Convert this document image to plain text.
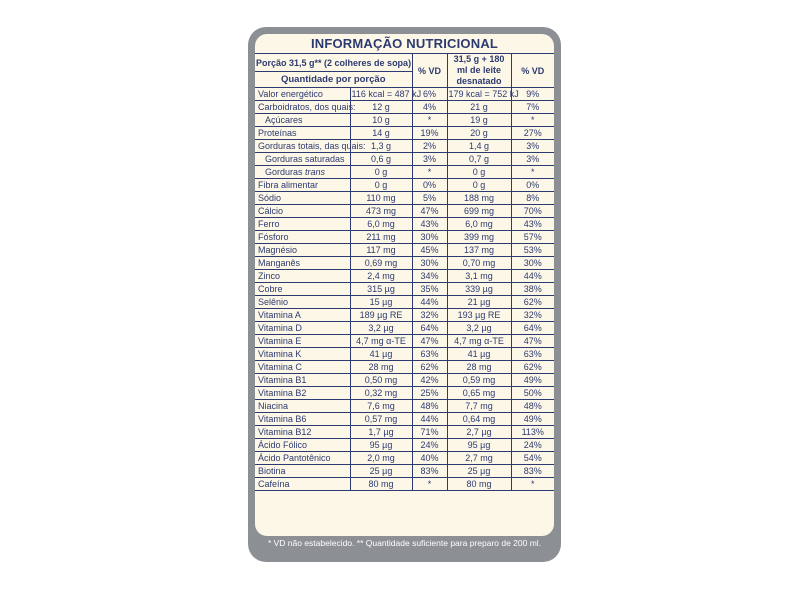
INFORMAÇÃO NUTRICIONAL
Porção 31,5 g** (2 colheres de sopa)		% VD	31,5 g + 180 ml de leite desnatado	% VD
Quantidade por porção				
Valor energético	116 kcal = 487 kJ	6%	179 kcal = 752 kJ	9%
Carboidratos, dos quais:	12 g	4%	21 g	7%
Açúcares	10 g	*	19 g	*
Proteínas	14 g	19%	20 g	27%
Gorduras totais, das quais:	1,3 g	2%	1,4 g	3%
Gorduras saturadas	0,6 g	3%	0,7 g	3%
Gorduras trans	0 g	*	0 g	*
Fibra alimentar	0 g	0%	0 g	0%
Sódio	110 mg	5%	188 mg	8%
Cálcio	473 mg	47%	699 mg	70%
Ferro	6,0 mg	43%	6,0 mg	43%
Fósforo	211 mg	30%	399 mg	57%
Magnésio	117 mg	45%	137 mg	53%
Manganês	0,69 mg	30%	0,70 mg	30%
Zinco	2,4 mg	34%	3,1 mg	44%
Cobre	315 µg	35%	339 µg	38%
Selênio	15 µg	44%	21 µg	62%
Vitamina A	189 µg RE	32%	193 µg RE	32%
Vitamina D	3,2 µg	64%	3,2 µg	64%
Vitamina E	4,7 mg α-TE	47%	4,7 mg α-TE	47%
Vitamina K	41 µg	63%	41 µg	63%
Vitamina C	28 mg	62%	28 mg	62%
Vitamina B1	0,50 mg	42%	0,59 mg	49%
Vitamina B2	0,32 mg	25%	0,65 mg	50%
Niacina	7,6 mg	48%	7,7 mg	48%
Vitamina B6	0,57 mg	44%	0,64 mg	49%
Vitamina B12	1,7 µg	71%	2,7 µg	113%
Ácido Fólico	95 µg	24%	95 µg	24%
Ácido Pantotênico	2,0 mg	40%	2,7 mg	54%
Biotina	25 µg	83%	25 µg	83%
Cafeína	80 mg	*	80 mg	*
* VD não estabelecido. ** Quantidade suficiente para preparo de 200 ml.
